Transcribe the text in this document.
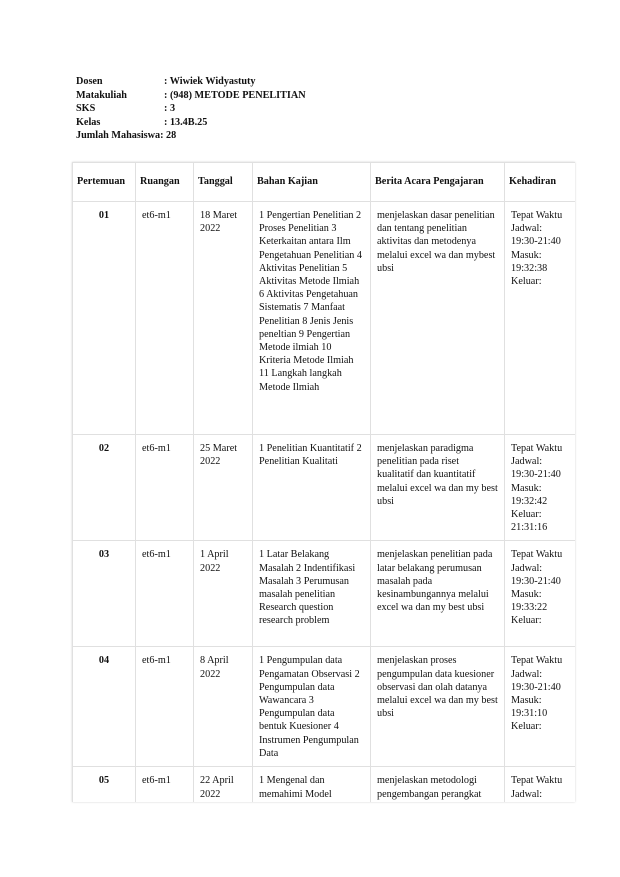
Dosen	: Wiwiek Widyastuty
Matakuliah	: (948) METODE PENELITIAN
SKS	: 3
Kelas	: 13.4B.25
Jumlah Mahasiswa : 28
Pertemuan	Ruangan	Tanggal	Bahan Kajian	Berita Acara Pengajaran	Kehadiran
01	et6-m1	18 Maret 2022	1 Pengertian Penelitian 2 Proses Penelitian 3 Keterkaitan antara Ilm Pengetahuan Penelitian 4 Aktivitas Penelitian 5 Aktivitas Metode Ilmiah 6 Aktivitas Pengetahuan Sistematis 7 Manfaat Penelitian 8 Jenis Jenis peneltian 9 Pengertian Metode ilmiah 10 Kriteria Metode Ilmiah 11 Langkah langkah Metode Ilmiah	menjelaskan dasar penelitian dan tentang penelitian aktivitas dan metodenya melalui excel wa dan mybest ubsi	Tepat Waktu Jadwal: 19:30-21:40 Masuk: 19:32:38 Keluar:
02	et6-m1	25 Maret 2022	1 Penelitian Kuantitatif 2 Penelitian Kualitati	menjelaskan paradigma penelitian pada riset kualitatif dan kuantitatif melalui excel wa dan my best ubsi	Tepat Waktu Jadwal: 19:30-21:40 Masuk: 19:32:42 Keluar: 21:31:16
03	et6-m1	1 April 2022	1 Latar Belakang Masalah 2 Indentifikasi Masalah 3 Perumusan masalah penelitian Research question research problem	menjelaskan penelitian pada latar belakang perumusan masalah pada kesinambungannya melalui excel wa dan my best ubsi	Tepat Waktu Jadwal: 19:30-21:40 Masuk: 19:33:22 Keluar:
04	et6-m1	8 April 2022	1 Pengumpulan data Pengamatan Observasi 2 Pengumpulan data Wawancara 3 Pengumpulan data bentuk Kuesioner 4 Instrumen Pengumpulan Data	menjelaskan proses pengumpulan data kuesioner observasi dan olah datanya melalui excel wa dan my best ubsi	Tepat Waktu Jadwal: 19:30-21:40 Masuk: 19:31:10 Keluar:
05	et6-m1	22 April 2022	1 Mengenal dan memahimi Model	menjelaskan metodologi pengembangan perangkat	Tepat Waktu Jadwal:
